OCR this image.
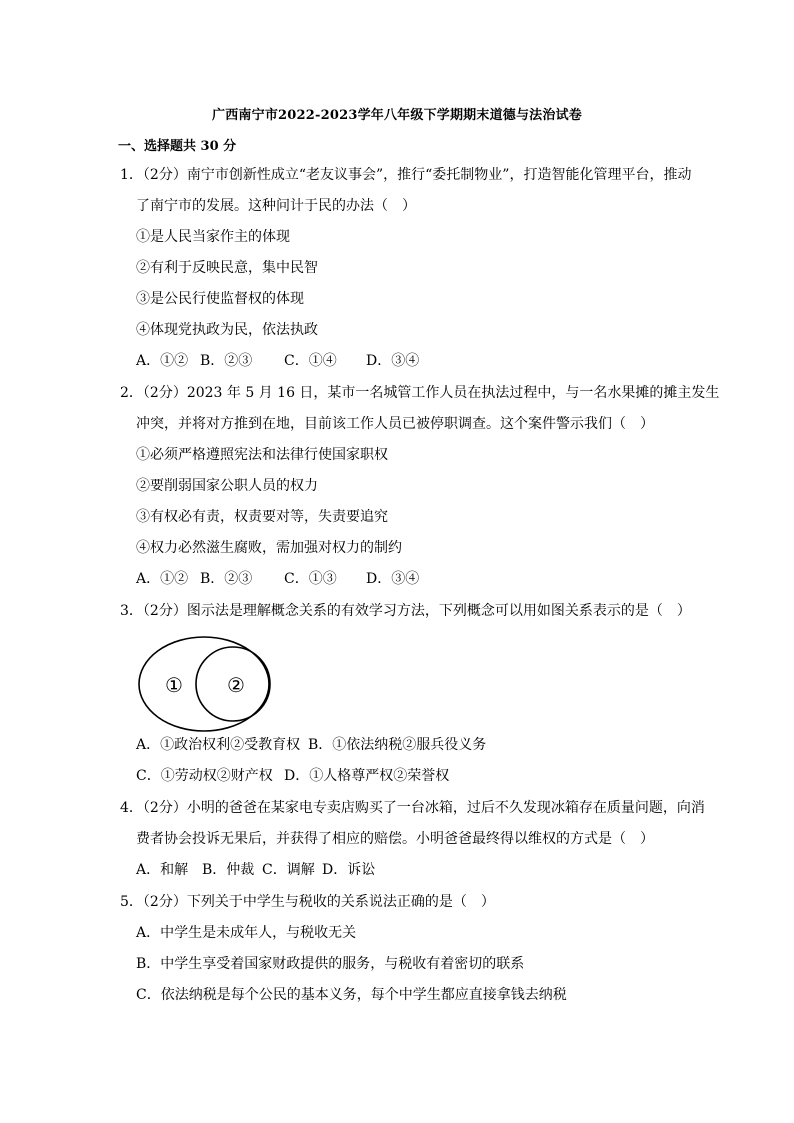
广西南宁市2022-2023学年八年级下学期期末道德与法治试卷
一、选择题共 30 分
1．（2分）南宁市创新性成立“老友议事会”，推行“委托制物业”，打造智能化管理平台，推动
了南宁市的发展。这种问计于民的办法（　）
①是人民当家作主的体现
②有利于反映民意，集中民智
③是公民行使监督权的体现
④体现党执政为民，依法执政
A．①② B．②③ C．①④ D．③④
2．（2分）2023 年 5 月 16 日，某市一名城管工作人员在执法过程中，与一名水果摊的摊主发生
冲突，并将对方推到在地，目前该工作人员已被停职调查。这个案件警示我们（　）
①必须严格遵照宪法和法律行使国家职权
②要削弱国家公职人员的权力
③有权必有责，权责要对等，失责要追究
④权力必然滋生腐败，需加强对权力的制约
A．①② B．②③ C．①③ D．③④
3．（2分）图示法是理解概念关系的有效学习方法，下列概念可以用如图关系表示的是（　）
① ②
A．①政治权利②受教育权 B．①依法纳税②服兵役义务
C．①劳动权②财产权 D．①人格尊严权②荣誉权
4．（2分）小明的爸爸在某家电专卖店购买了一台冰箱，过后不久发现冰箱存在质量问题，向消
费者协会投诉无果后，并获得了相应的赔偿。小明爸爸最终得以维权的方式是（　）
A．和解 B．仲裁 C．调解 D．诉讼
5．（2分）下列关于中学生与税收的关系说法正确的是（　）
A．中学生是未成年人，与税收无关
B．中学生享受着国家财政提供的服务，与税收有着密切的联系
C．依法纳税是每个公民的基本义务，每个中学生都应直接拿钱去纳税
